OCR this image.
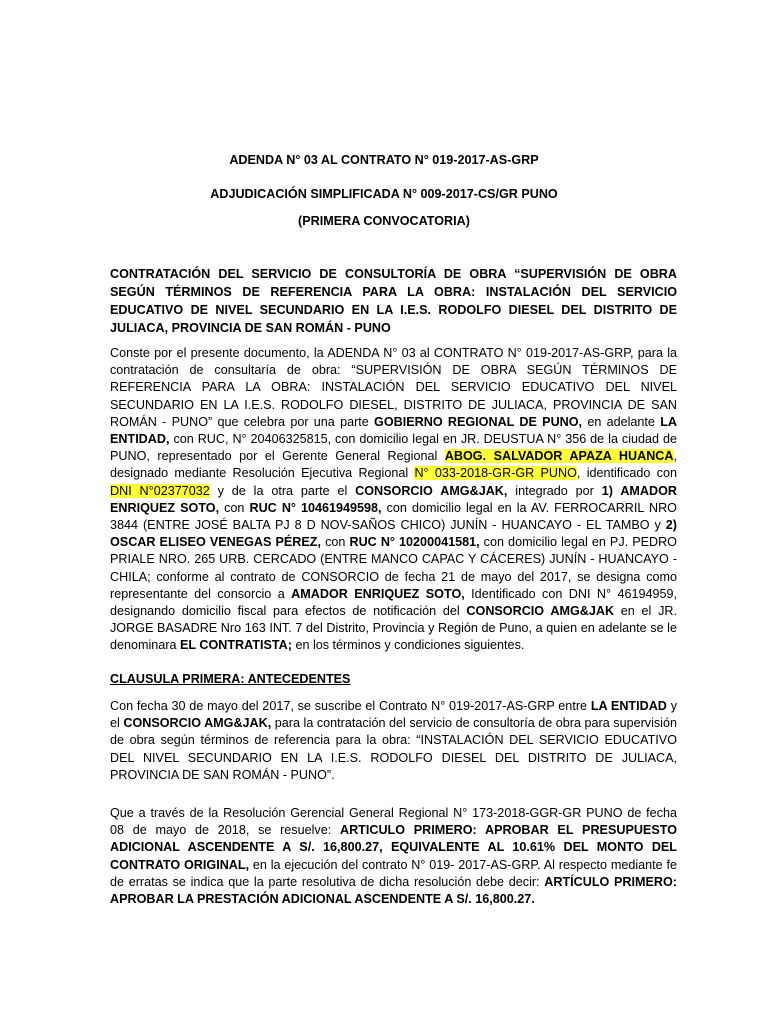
ADENDA N° 03 AL CONTRATO N° 019-2017-AS-GRP
ADJUDICACIÓN SIMPLIFICADA N° 009-2017-CS/GR PUNO
(PRIMERA CONVOCATORIA)
CONTRATACIÓN DEL SERVICIO DE CONSULTORÍA DE OBRA “SUPERVISIÓN DE OBRA SEGÚN TÉRMINOS DE REFERENCIA PARA LA OBRA: INSTALACIÓN DEL SERVICIO EDUCATIVO DE NIVEL SECUNDARIO EN LA I.E.S. RODOLFO DIESEL DEL DISTRITO DE JULIACA, PROVINCIA DE SAN ROMÁN - PUNO
Conste por el presente documento, la ADENDA N° 03 al CONTRATO N° 019-2017-AS-GRP, para la contratación de consultaría de obra: “SUPERVISIÓN DE OBRA SEGÚN TÉRMINOS DE REFERENCIA PARA LA OBRA: INSTALACIÓN DEL SERVICIO EDUCATIVO DEL NIVEL SECUNDARIO EN LA I.E.S. RODOLFO DIESEL, DISTRITO DE JULIACA, PROVINCIA DE SAN ROMÁN - PUNO” que celebra por una parte GOBIERNO REGIONAL DE PUNO, en adelante LA ENTIDAD, con RUC, N° 20406325815, con domicilio legal en JR. DEUSTUA N° 356 de la ciudad de PUNO, representado por el Gerente General Regional ABOG. SALVADOR APAZA HUANCA, designado mediante Resolución Ejecutiva Regional N° 033-2018-GR-GR PUNO, identificado con DNI N°02377032 y de la otra parte el CONSORCIO AMG&JAK, integrado por 1) AMADOR ENRIQUEZ SOTO, con RUC N° 10461949598, con domicilio legal en la AV. FERROCARRIL NRO 3844 (ENTRE JOSÉ BALTA PJ 8 D NOV-SAÑOS CHICO) JUNÍN - HUANCAYO - EL TAMBO y 2) OSCAR ELISEO VENEGAS PÉREZ, con RUC N° 10200041581, con domicilio legal en PJ. PEDRO PRIALE NRO. 265 URB. CERCADO (ENTRE MANCO CAPAC Y CÁCERES) JUNÍN - HUANCAYO - CHILA; conforme al contrato de CONSORCIO de fecha 21 de mayo del 2017, se designa como representante del consorcio a AMADOR ENRIQUEZ SOTO, Identificado con DNI N° 46194959, designando domicilio fiscal para efectos de notificación del CONSORCIO AMG&JAK en el JR. JORGE BASADRE Nro 163 INT. 7 del Distrito, Provincia y Región de Puno, a quien en adelante se le denominara EL CONTRATISTA; en los términos y condiciones siguientes.
CLAUSULA PRIMERA: ANTECEDENTES
Con fecha 30 de mayo del 2017, se suscribe el Contrato N° 019-2017-AS-GRP entre LA ENTIDAD y el CONSORCIO AMG&JAK, para la contratación del servicio de consultoría de obra para supervisión de obra según términos de referencia para la obra: “INSTALACIÓN DEL SERVICIO EDUCATIVO DEL NIVEL SECUNDARIO EN LA I.E.S. RODOLFO DIESEL DEL DISTRITO DE JULIACA, PROVINCIA DE SAN ROMÁN - PUNO”.
Que a través de la Resolución Gerencial General Regional N° 173-2018-GGR-GR PUNO de fecha 08 de mayo de 2018, se resuelve: ARTICULO PRIMERO: APROBAR EL PRESUPUESTO ADICIONAL ASCENDENTE A S/. 16,800.27, EQUIVALENTE AL 10.61% DEL MONTO DEL CONTRATO ORIGINAL, en la ejecución del contrato N° 019- 2017-AS-GRP. Al respecto mediante fe de erratas se indica que la parte resolutiva de dicha resolución debe decir: ARTÍCULO PRIMERO: APROBAR LA PRESTACIÓN ADICIONAL ASCENDENTE A S/. 16,800.27.
